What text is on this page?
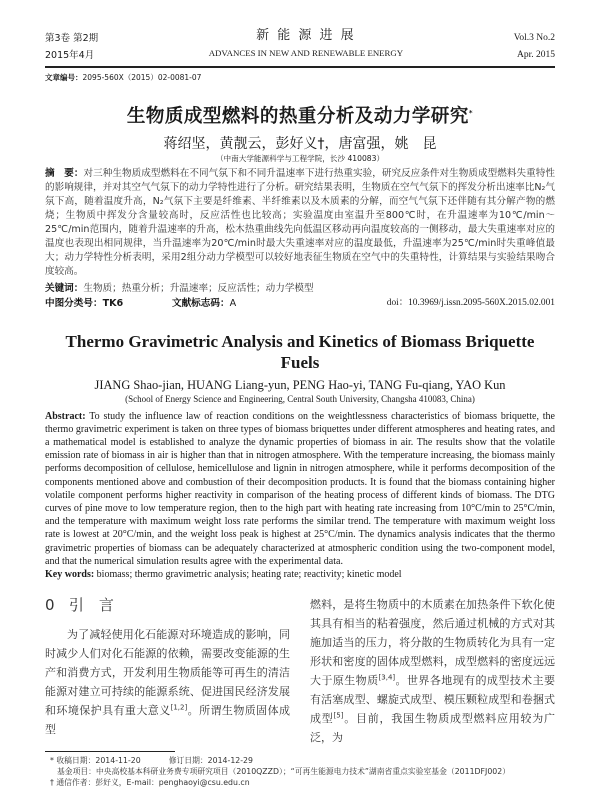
第3卷 第2期
2015年4月
新 能 源 进 展
ADVANCES IN NEW AND RENEWABLE ENERGY
Vol.3 No.2
Apr. 2015
文章编号：2095-560X（2015）02-0081-07
生物质成型燃料的热重分析及动力学研究*
蒋绍坚，黄靓云，彭好义†，唐富强，姚　昆
（中南大学能源科学与工程学院，长沙 410083）
摘　要：对三种生物质成型燃料在不同气氛下和不同升温速率下进行热重实验，研究反应条件对生物质成型燃料失重特性的影响规律，并对其空气气氛下的动力学特性进行了分析。研究结果表明，生物质在空气气氛下的挥发分析出速率比N₂气氛下高，随着温度升高，N₂气氛下主要是纤维素、半纤维素以及木质素的分解，而空气气氛下还伴随有其分解产物的燃烧；生物质中挥发分含量较高时，反应活性也比较高；实验温度由室温升至800℃时，在升温速率为10℃/min～25℃/min范围内，随着升温速率的升高，松木热重曲线先向低温区移动再向温度较高的一侧移动，最大失重速率对应的温度也表现出相同规律，当升温速率为20℃/min时最大失重速率对应的温度最低，升温速率为25℃/min时失重峰值最大；动力学特性分析表明，采用2组分动力学模型可以较好地表征生物质在空气中的失重特性，计算结果与实验结果吻合度较高。
关键词：生物质；热重分析；升温速率；反应活性；动力学模型
中图分类号：TK6	文献标志码：A	doi：10.3969/j.issn.2095-560X.2015.02.001
Thermo Gravimetric Analysis and Kinetics of Biomass Briquette Fuels
JIANG Shao-jian, HUANG Liang-yun, PENG Hao-yi, TANG Fu-qiang, YAO Kun
(School of Energy Science and Engineering, Central South University, Changsha 410083, China)
Abstract: To study the influence law of reaction conditions on the weightlessness characteristics of biomass briquette, the thermo gravimetric experiment is taken on three types of biomass briquettes under different atmospheres and heating rates, and a mathematical model is established to analyze the dynamic properties of biomass in air. The results show that the volatile emission rate of biomass in air is higher than that in nitrogen atmosphere. With the temperature increasing, the biomass mainly performs decomposition of cellulose, hemicellulose and lignin in nitrogen atmosphere, while it performs decomposition of the components mentioned above and combustion of their decomposition products. It is found that the biomass containing higher volatile component performs higher reactivity in comparison of the heating process of different kinds of biomass. The DTG curves of pine move to low temperature region, then to the high part with heating rate increasing from 10°C/min to 25°C/min, and the temperature with maximum weight loss rate performs the similar trend. The temperature with maximum weight loss rate is lowest at 20°C/min, and the weight loss peak is highest at 25°C/min. The dynamics analysis indicates that the thermo gravimetric properties of biomass can be adequately characterized at atmospheric condition using the two-component model, and that the numerical simulation results agree with the experimental data.
Key words: biomass; thermo gravimetric analysis; heating rate; reactivity; kinetic model
0 引　言
为了减轻使用化石能源对环境造成的影响，同时减少人们对化石能源的依赖，需要改变能源的生产和消费方式，开发利用生物质能等可再生的清洁能源对建立可持续的能源系统、促进国民经济发展和环境保护具有重大意义[1,2]。所谓生物质固体成型
燃料，是将生物质中的木质素在加热条件下软化使其具有相当的粘着强度，然后通过机械的方式对其施加适当的压力，将分散的生物质转化为具有一定形状和密度的固体成型燃料，成型燃料的密度远远大于原生物质[3,4]。世界各地现有的成型技术主要有活塞成型、螺旋式成型、模压颗粒成型和卷捆式成型[5]。目前，我国生物质成型燃料应用较为广泛，为
* 收稿日期：2014-11-20	修订日期：2014-12-29
基金项目：中央高校基本科研业务费专项研究项目（2010QZZD）；“可再生能源电力技术”湖南省重点实验室基金（2011DFJ002）
† 通信作者：彭好义，E-mail：penghaoyi@csu.edu.cn
